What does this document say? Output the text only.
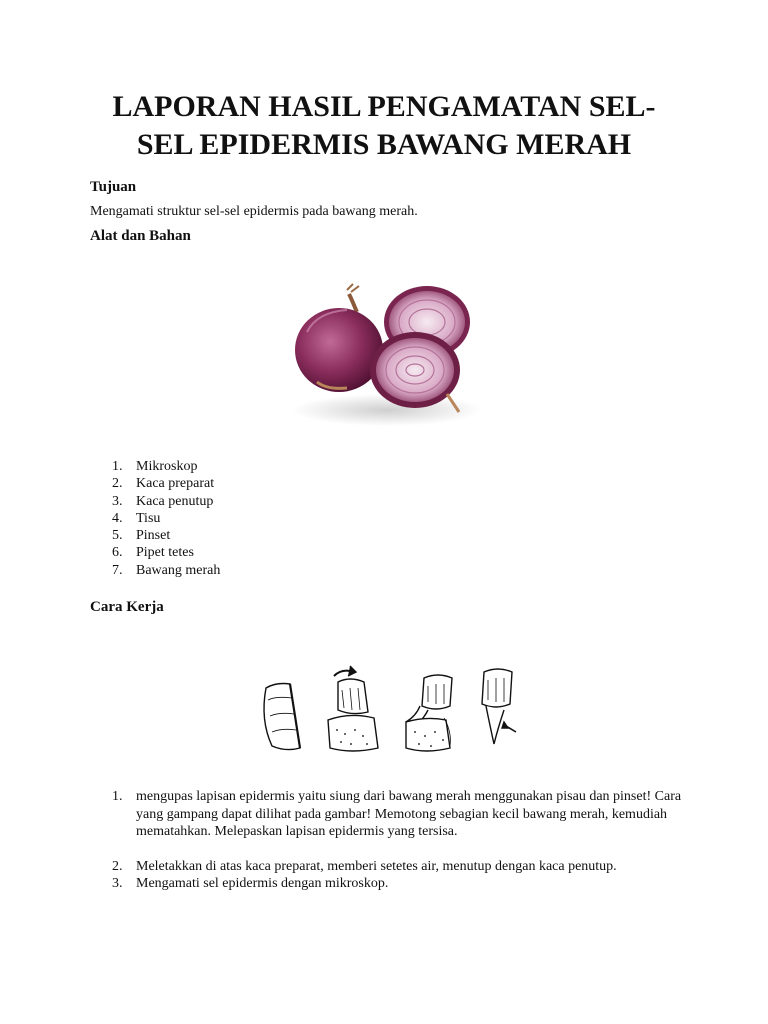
LAPORAN HASIL PENGAMATAN SEL-
SEL EPIDERMIS BAWANG MERAH
Tujuan

Mengamati struktur sel-sel epidermis pada bawang merah.

Alat dan Bahan
1. Mikroskop
2. Kaca preparat
3. Kaca penutup
4. Tisu
5. Pinset
6. Pipet tetes
7. Bawang merah
Cara Kerja
1. mengupas lapisan epidermis yaitu siung dari bawang merah menggunakan pisau dan pinset! Cara yang gampang dapat dilihat pada gambar! Memotong sebagian kecil bawang merah, kemudiah mematahkan. Melepaskan lapisan epidermis yang tersisa.
2. Meletakkan di atas kaca preparat, memberi setetes air, menutup dengan kaca penutup.
3. Mengamati sel epidermis dengan mikroskop.
